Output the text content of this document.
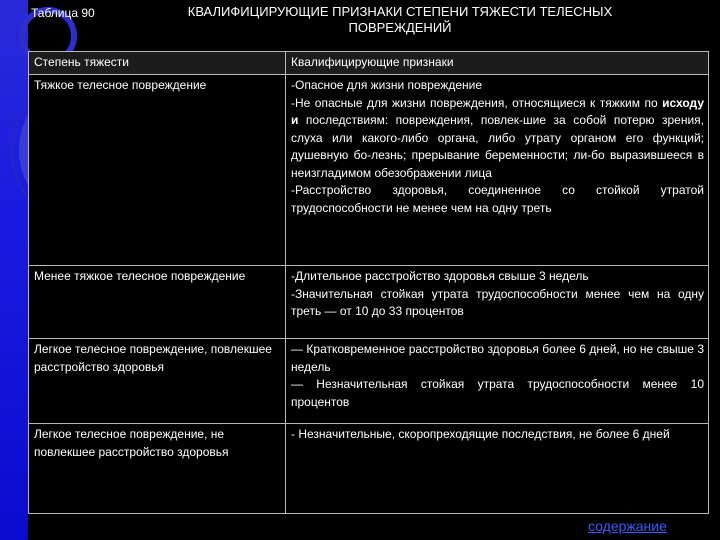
Таблица 90	КВАЛИФИЦИРУЮЩИЕ ПРИЗНАКИ СТЕПЕНИ ТЯЖЕСТИ ТЕЛЕСНЫХ ПОВРЕЖДЕНИЙ
Степень тяжести	Квалифицирующие признаки
Тяжкое телесное повреждение	-Опасное для жизни повреждение
-Не опасные для жизни повреждения, относящиеся к тяжким по исходу и последствиям: повреждения, повлек-шие за собой потерю зрения, слуха или какого-либо органа, либо утрату органом его функций; душевную бо-лезнь; прерывание беременности; ли-бо выразившееся в неизгладимом обезображении лица
-Расстройство здоровья, соединенное со стойкой утратой трудоспособности не менее чем на одну треть

Менее тяжкое телесное повреждение	-Длительное расстройство здоровья свыше 3 недель
-Значительная стойкая утрата трудоспособности менее чем на одну треть — от 10 до 33 процентов

Легкое телесное повреждение, повлекшее расстройство здоровья	— Кратковременное расстройство здоровья более 6 дней, но не свыше 3 недель
— Незначительная стойкая утрата трудоспособности менее 10 процентов

Легкое телесное повреждение, не повлекшее расстройство здоровья	- Незначительные, скоропреходящие последствия, не более 6 дней
содержание
